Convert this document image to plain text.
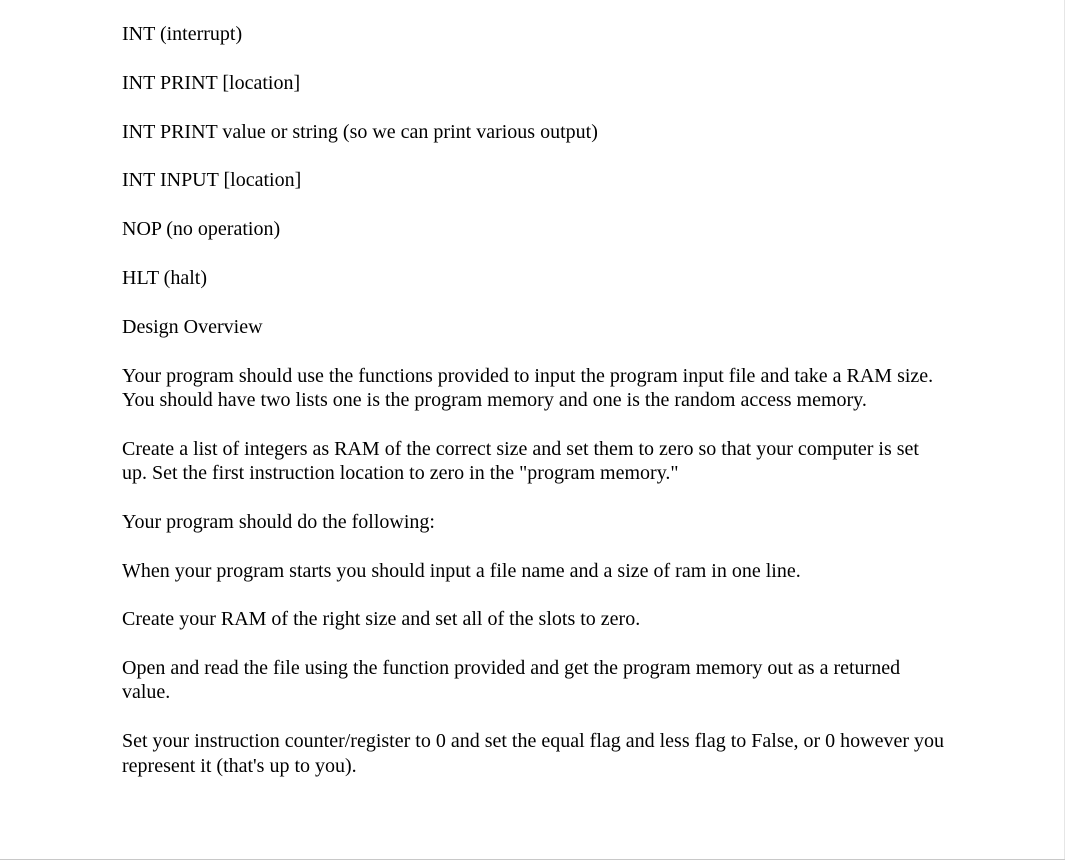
INT (interrupt)

INT PRINT [location]

INT PRINT value or string (so we can print various output)

INT INPUT [location]

NOP (no operation)

HLT (halt)

Design Overview

Your program should use the functions provided to input the program input file and take a RAM size. You should have two lists one is the program memory and one is the random access memory.

Create a list of integers as RAM of the correct size and set them to zero so that your computer is set up. Set the first instruction location to zero in the "program memory."

Your program should do the following:

When your program starts you should input a file name and a size of ram in one line.

Create your RAM of the right size and set all of the slots to zero.

Open and read the file using the function provided and get the program memory out as a returned value.

Set your instruction counter/register to 0 and set the equal flag and less flag to False, or 0 however you represent it (that's up to you).
